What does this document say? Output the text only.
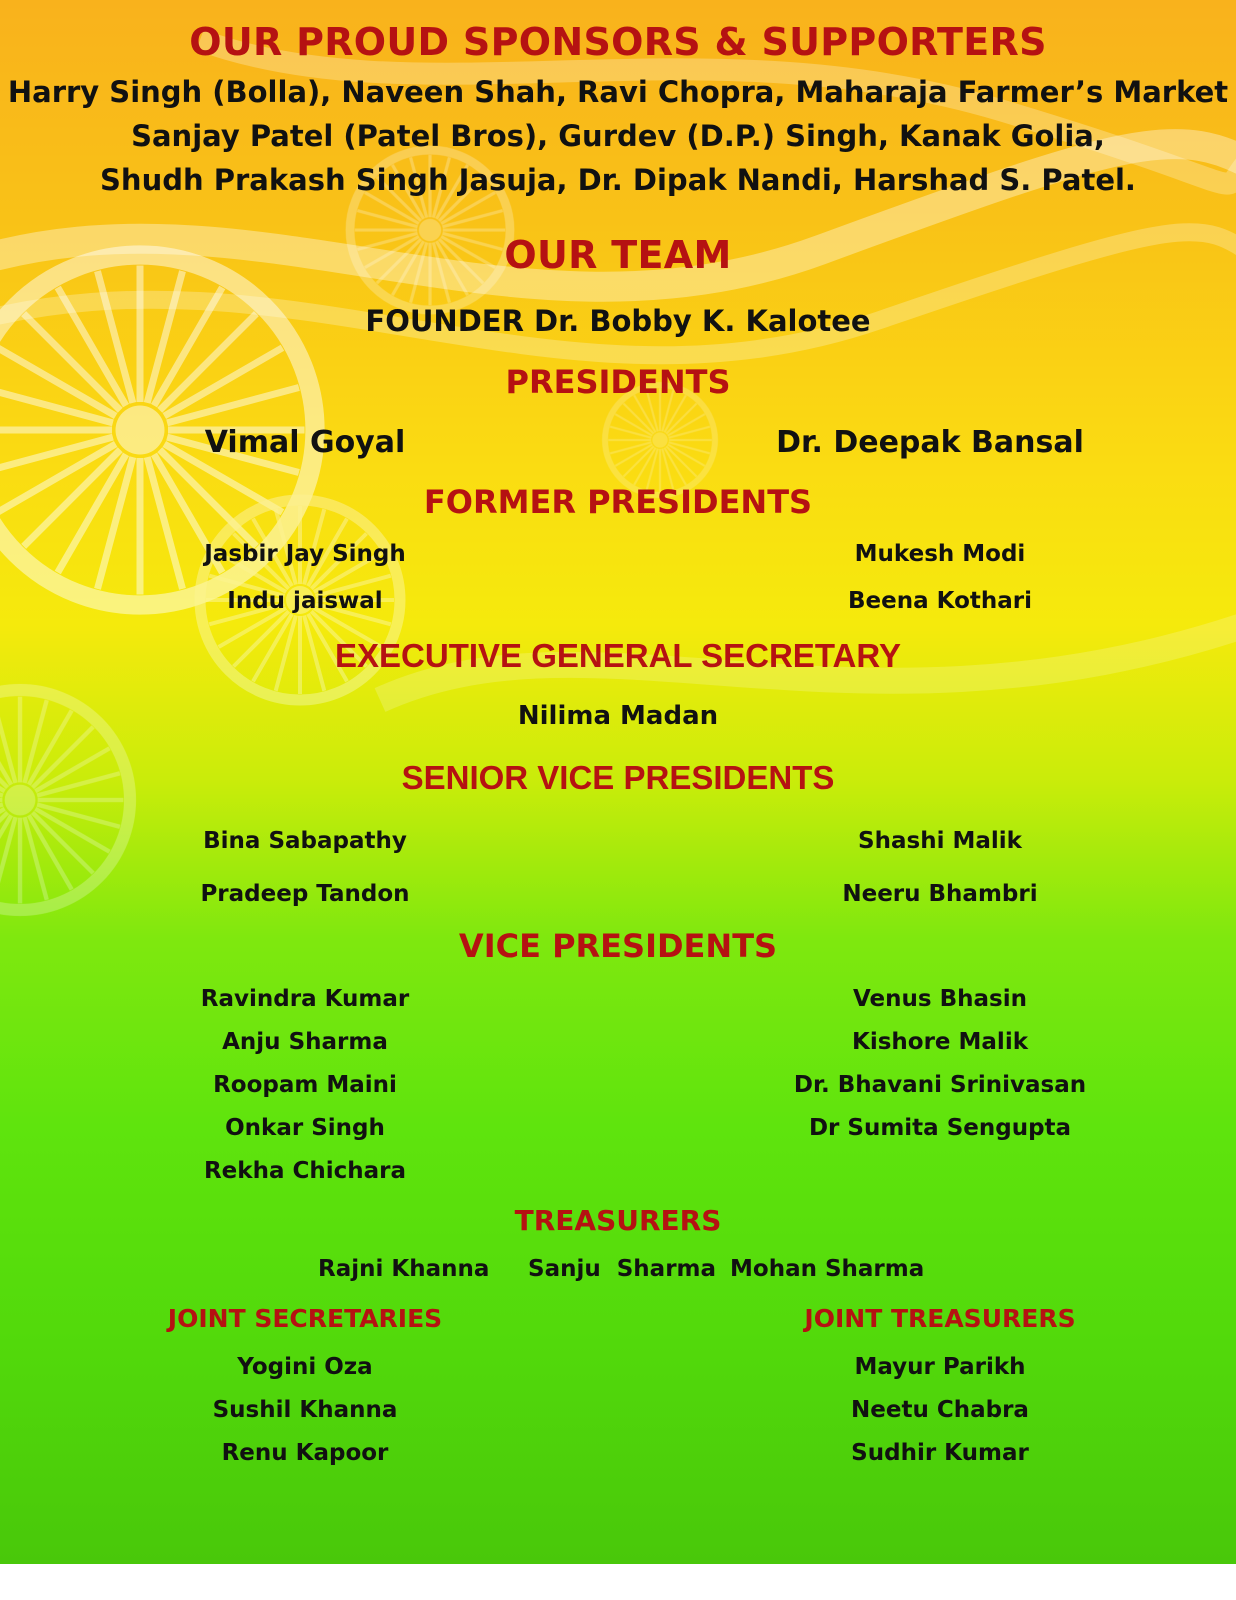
OUR PROUD SPONSORS & SUPPORTERS
Harry Singh (Bolla), Naveen Shah, Ravi Chopra, Maharaja Farmer’s Market
Sanjay Patel (Patel Bros), Gurdev (D.P.) Singh, Kanak Golia,
Shudh Prakash Singh Jasuja, Dr. Dipak Nandi, Harshad S. Patel.
OUR TEAM
FOUNDER Dr. Bobby K. Kalotee
PRESIDENTS
Vimal Goyal	Dr. Deepak Bansal
FORMER PRESIDENTS
Jasbir Jay Singh
Indu jaiswal
Mukesh Modi
Beena Kothari
EXECUTIVE GENERAL SECRETARY
Nilima Madan
SENIOR VICE PRESIDENTS
Bina Sabapathy
Pradeep Tandon
Shashi Malik
Neeru Bhambri
VICE PRESIDENTS
Ravindra Kumar
Anju Sharma
Roopam Maini
Onkar Singh
Rekha Chichara
Venus Bhasin
Kishore Malik
Dr. Bhavani Srinivasan
Dr Sumita Sengupta
TREASURERS
Rajni Khanna Sanju  Sharma Mohan Sharma
JOINT SECRETARIES	JOINT TREASURERS
Yogini Oza
Sushil Khanna
Renu Kapoor
Mayur Parikh
Neetu Chabra
Sudhir Kumar
